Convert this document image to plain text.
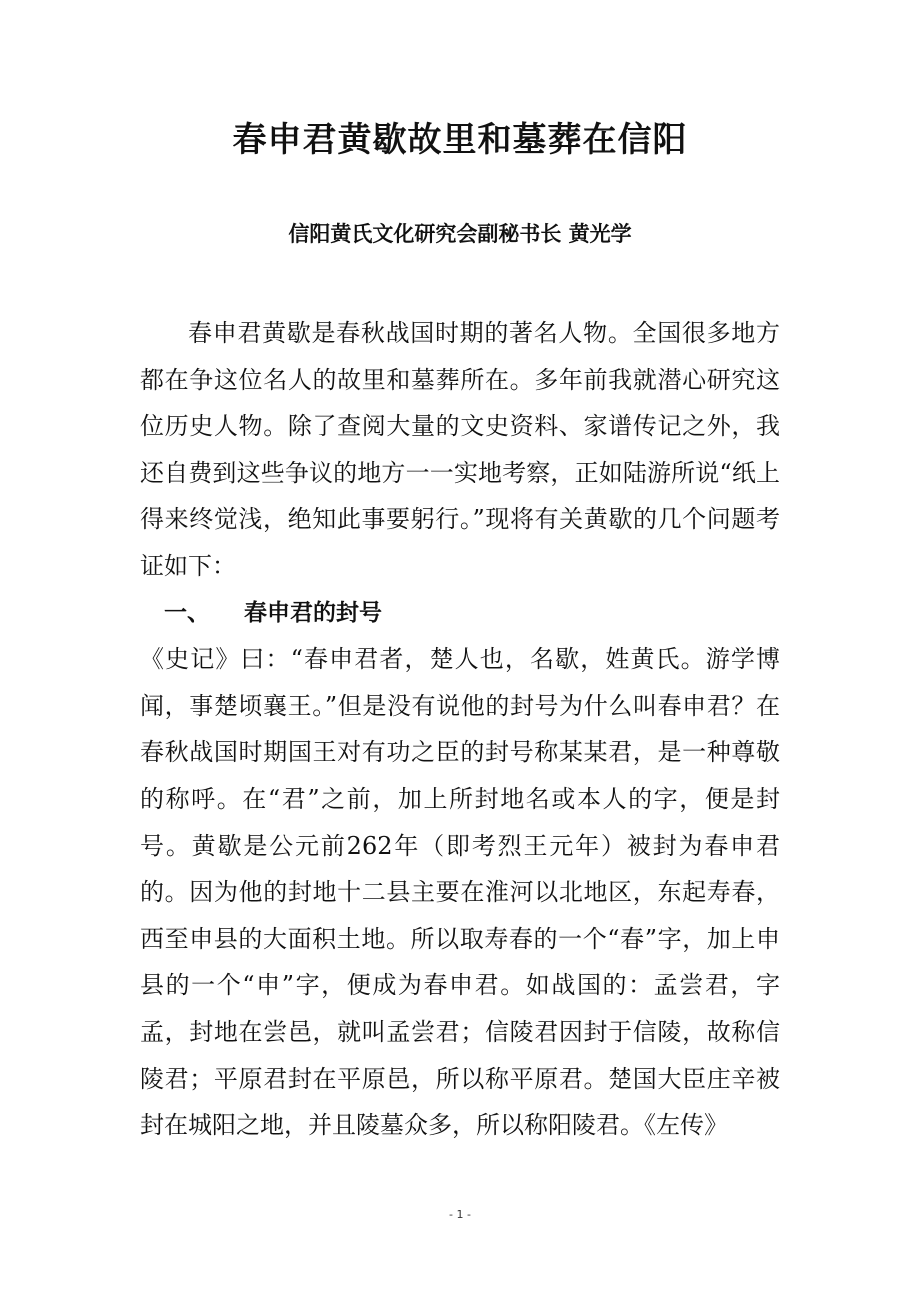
春申君黄歇故里和墓葬在信阳
信阳黄氏文化研究会副秘书长 黄光学

春申君黄歇是春秋战国时期的著名人物。全国很多地方都在争这位名人的故里和墓葬所在。多年前我就潜心研究这位历史人物。除了查阅大量的文史资料、家谱传记之外，我还自费到这些争议的地方一一实地考察，正如陆游所说“纸上得来终觉浅，绝知此事要躬行。”现将有关黄歇的几个问题考证如下：

一、 春申君的封号

《史记》曰：“春申君者，楚人也，名歇，姓黄氏。游学博闻，事楚顷襄王。”但是没有说他的封号为什么叫春申君？在春秋战国时期国王对有功之臣的封号称某某君，是一种尊敬的称呼。在“君”之前，加上所封地名或本人的字，便是封号。黄歇是公元前262年（即考烈王元年）被封为春申君的。因为他的封地十二县主要在淮河以北地区，东起寿春，西至申县的大面积土地。所以取寿春的一个“春”字，加上申县的一个“申”字，便成为春申君。如战国的：孟尝君，字孟，封地在尝邑，就叫孟尝君；信陵君因封于信陵，故称信陵君；平原君封在平原邑，所以称平原君。楚国大臣庄辛被封在城阳之地，并且陵墓众多，所以称阳陵君。《左传》

- 1 -
